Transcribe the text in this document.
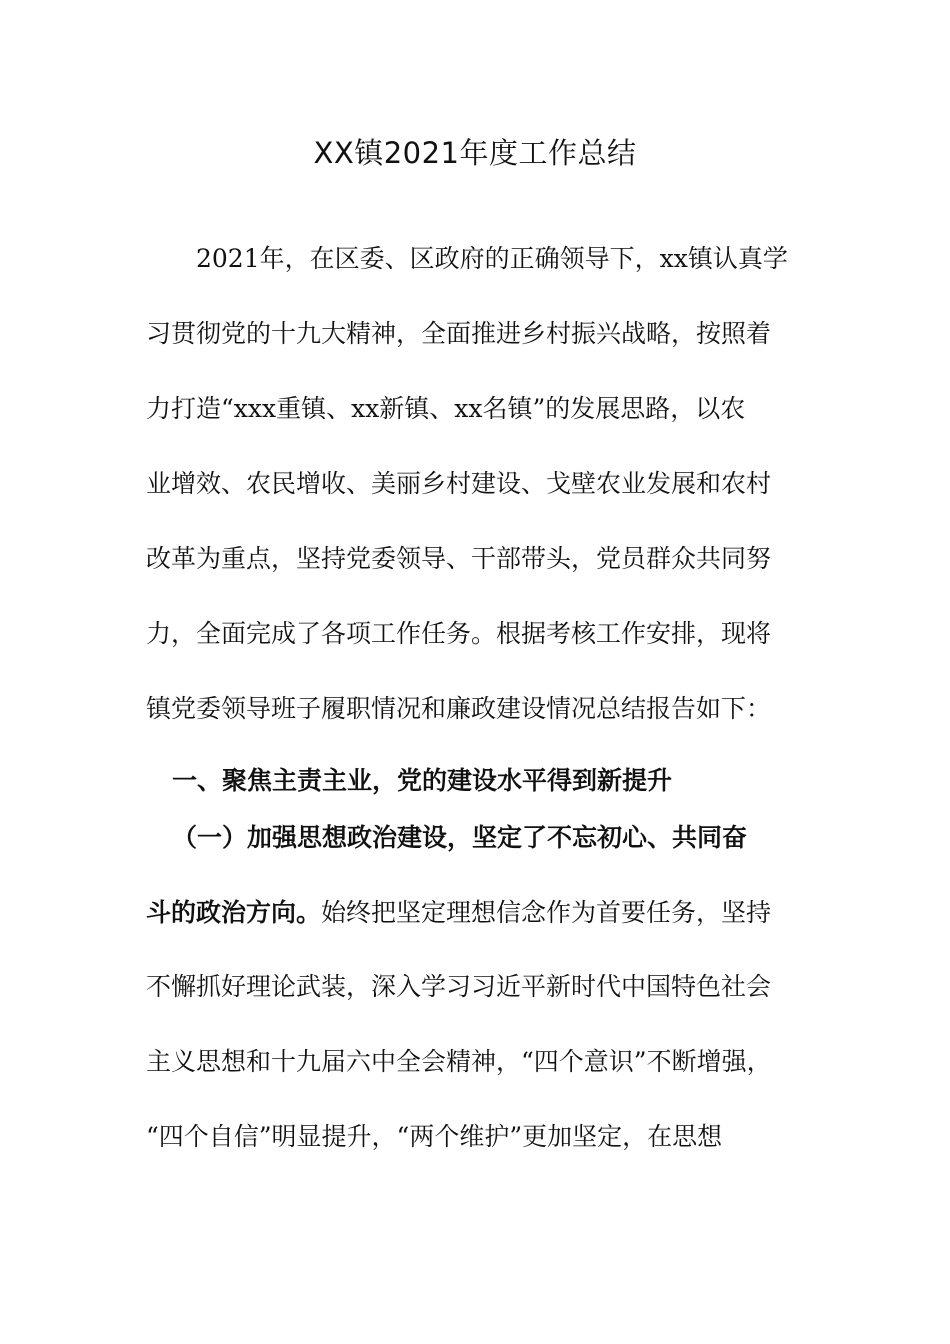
XX镇2021年度工作总结
2021年，在区委、区政府的正确领导下，xx镇认真学
习贯彻党的十九大精神，全面推进乡村振兴战略，按照着
力打造“xxx重镇、xx新镇、xx名镇”的发展思路，以农
业增效、农民增收、美丽乡村建设、戈壁农业发展和农村
改革为重点，坚持党委领导、干部带头，党员群众共同努
力，全面完成了各项工作任务。根据考核工作安排，现将
镇党委领导班子履职情况和廉政建设情况总结报告如下：
一、聚焦主责主业，党的建设水平得到新提升
（一）加强思想政治建设，坚定了不忘初心、共同奋
斗的政治方向。始终把坚定理想信念作为首要任务，坚持
不懈抓好理论武装，深入学习习近平新时代中国特色社会
主义思想和十九届六中全会精神，“四个意识”不断增强，
“四个自信”明显提升，“两个维护”更加坚定，在思想
